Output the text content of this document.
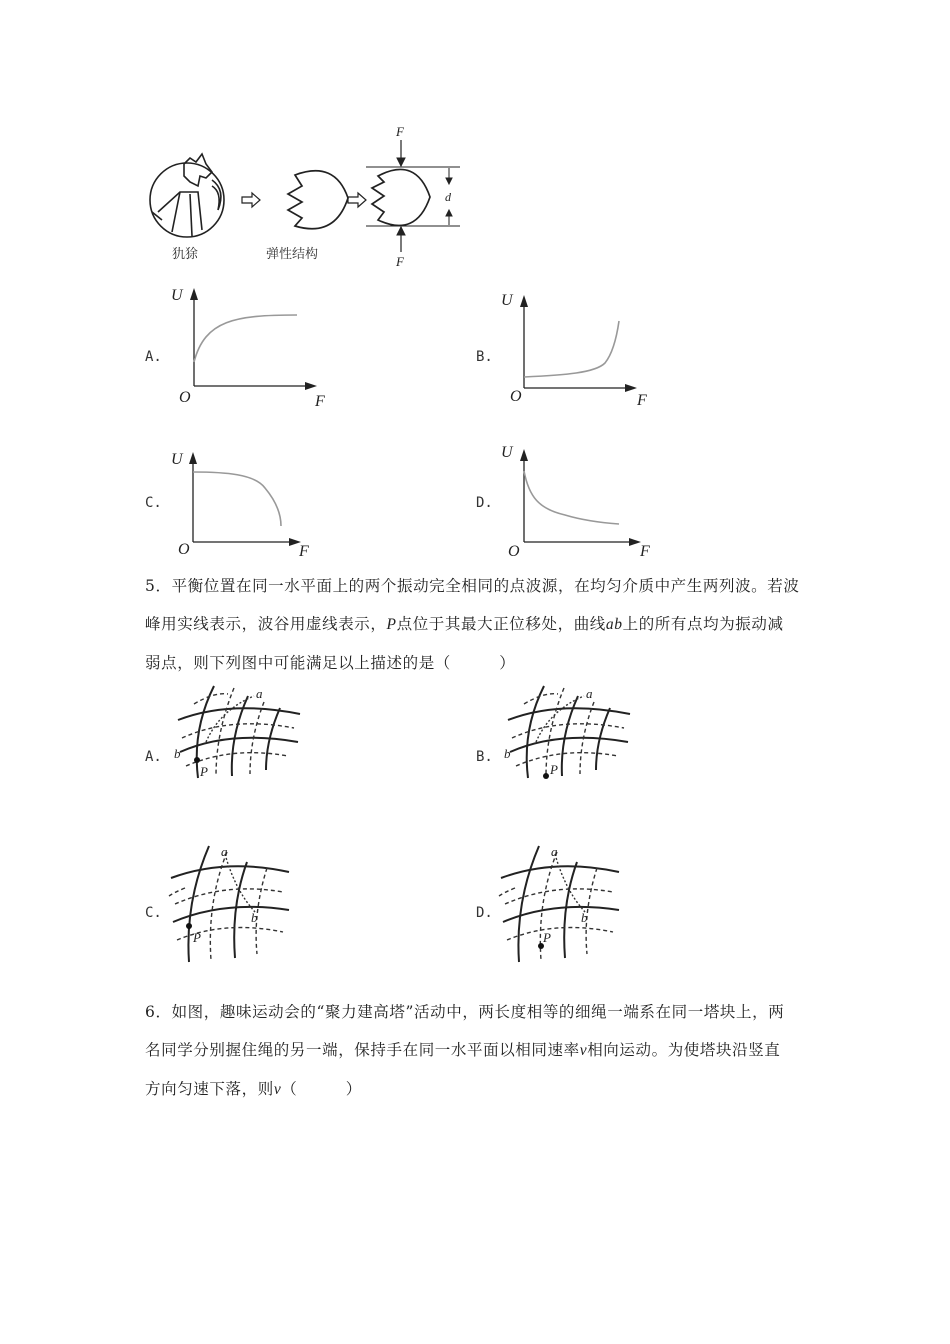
F
F
d
犰狳	弹性结构
A.	B.
C.	D.
U
O	F
U
O	F
U
O	F
U
O	F
5．平衡位置在同一水平面上的两个振动完全相同的点波源，在均匀介质中产生两列波。若波
峰用实线表示，波谷用虚线表示，P点位于其最大正位移处，曲线ab上的所有点均为振动减
弱点，则下列图中可能满足以上描述的是（　　　）
A.	B.
C.	D.
a
b
P
a
b
P
a
b
P
a
b
P
6．如图，趣味运动会的“聚力建高塔”活动中，两长度相等的细绳一端系在同一塔块上，两
名同学分别握住绳的另一端，保持手在同一水平面以相同速率v相向运动。为使塔块沿竖直
方向匀速下落，则v（　　　）
